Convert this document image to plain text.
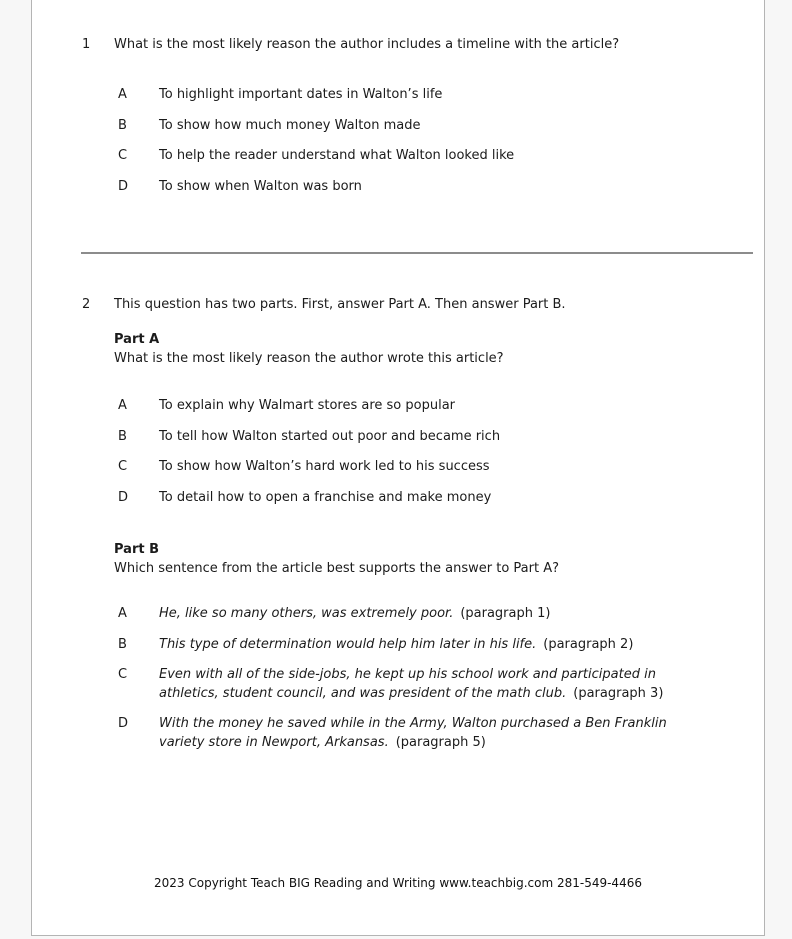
1	What is the most likely reason the author includes a timeline with the article?
A	To highlight important dates in Walton’s life
B	To show how much money Walton made
C	To help the reader understand what Walton looked like
D	To show when Walton was born
2	This question has two parts. First, answer Part A. Then answer Part B.
Part A
What is the most likely reason the author wrote this article?
A	To explain why Walmart stores are so popular
B	To tell how Walton started out poor and became rich
C	To show how Walton’s hard work led to his success
D	To detail how to open a franchise and make money
Part B
Which sentence from the article best supports the answer to Part A?
A	He, like so many others, was extremely poor. (paragraph 1)
B	This type of determination would help him later in his life. (paragraph 2)
C	Even with all of the side-jobs, he kept up his school work and participated in athletics, student council, and was president of the math club. (paragraph 3)
D	With the money he saved while in the Army, Walton purchased a Ben Franklin variety store in Newport, Arkansas. (paragraph 5)
2023 Copyright Teach BIG Reading and Writing www.teachbig.com 281-549-4466
